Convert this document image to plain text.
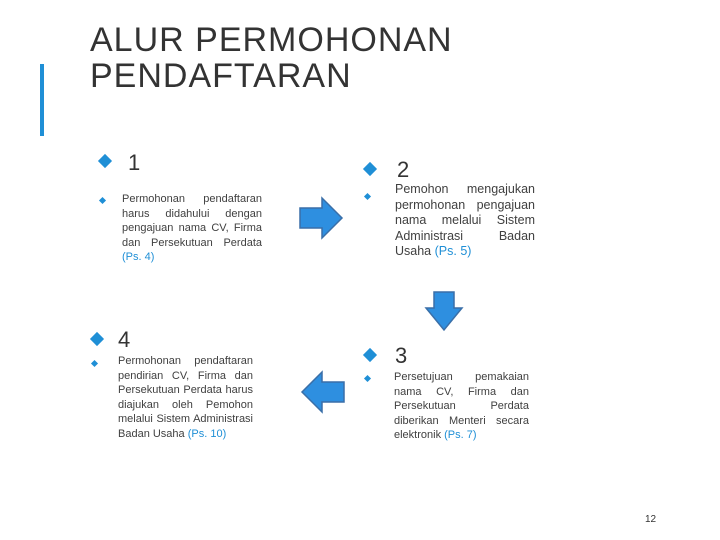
ALUR PERMOHONAN
PENDAFTARAN
1
Permohonan pendaftaran harus didahului dengan pengajuan nama CV, Firma dan Persekutuan Perdata (Ps. 4)
2
Pemohon mengajukan permohonan pengajuan nama melalui Sistem Administrasi Badan Usaha (Ps. 5)
4
Permohonan pendaftaran pendirian CV, Firma dan Persekutuan Perdata harus diajukan oleh Pemohon melalui Sistem Administrasi Badan Usaha (Ps. 10)
3
Persetujuan pemakaian nama CV, Firma dan Persekutuan Perdata diberikan Menteri secara elektronik (Ps. 7)
12
